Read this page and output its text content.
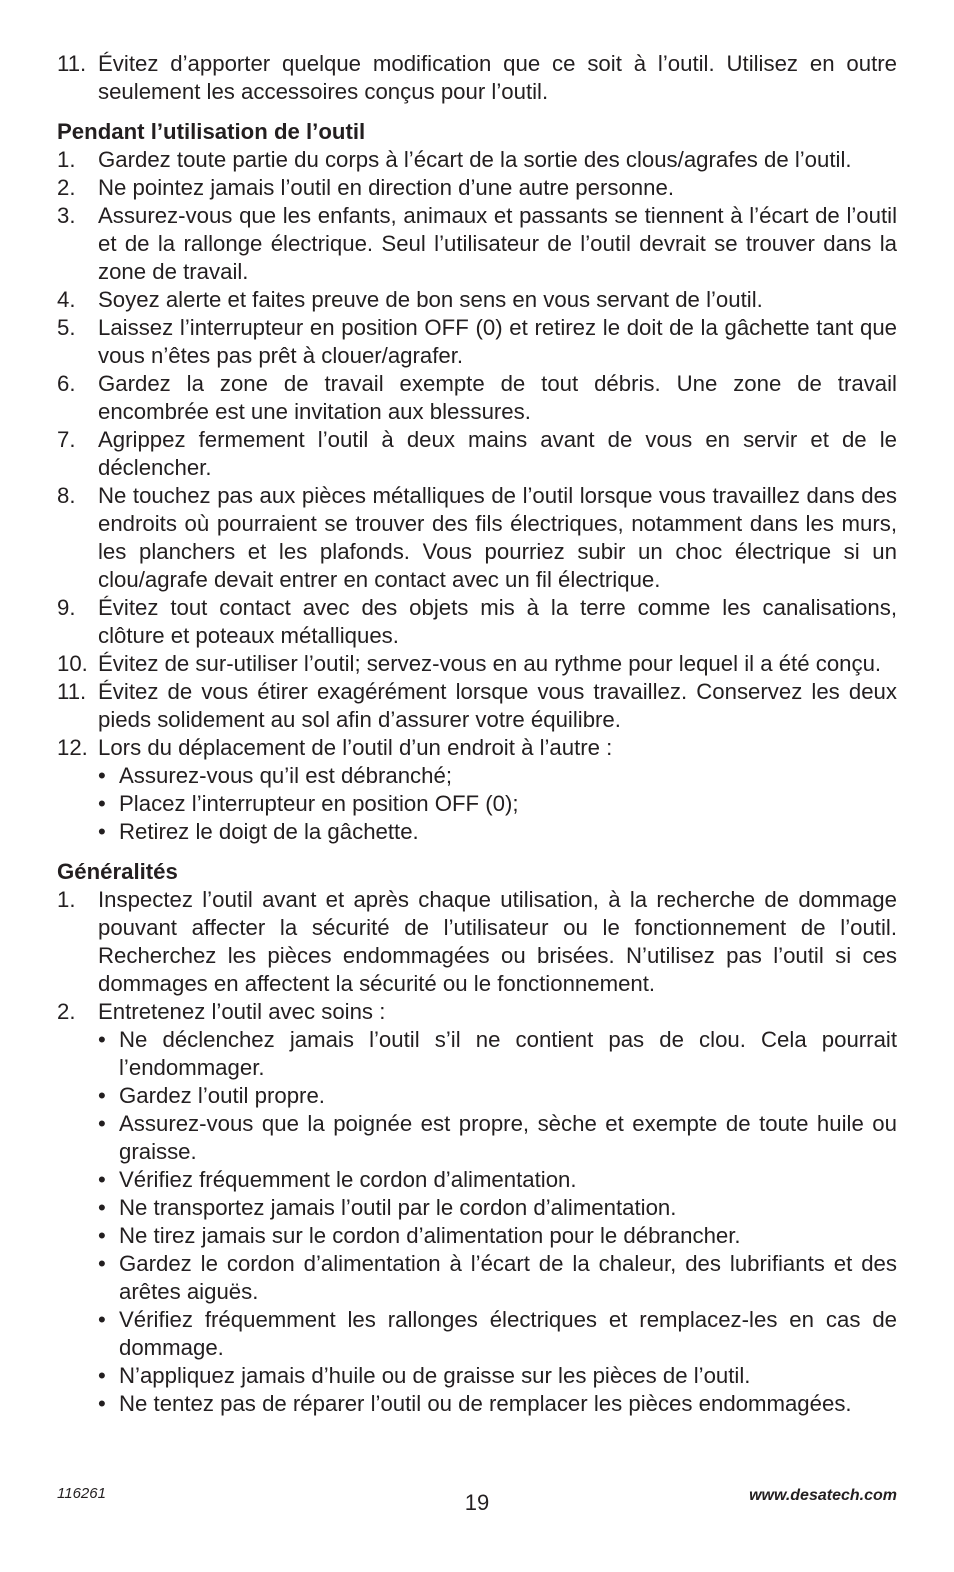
11. Évitez d’apporter quelque modification que ce soit à l’outil. Utilisez en outre seulement les accessoires conçus pour l’outil.
Pendant l’utilisation de l’outil
1.	Gardez toute partie du corps à l’écart de la sortie des clous/agrafes de l’outil.
2.	Ne pointez jamais l’outil en direction d’une autre personne.
3.	Assurez-vous que les enfants, animaux et passants se tiennent à l’écart de l’outil et de la rallonge électrique. Seul l’utilisateur de l’outil devrait se trouver dans la zone de travail.
4.	Soyez alerte et faites preuve de bon sens en vous servant de l’outil.
5.	Laissez l’interrupteur en position OFF (0) et retirez le doit de la gâchette tant que vous n’êtes pas prêt à clouer/agrafer.
6.	Gardez la zone de travail exempte de tout débris. Une zone de travail encombrée est une invitation aux blessures.
7.	Agrippez fermement l’outil à deux mains avant de vous en servir et de le déclencher.
8.	Ne touchez pas aux pièces métalliques de l’outil lorsque vous travaillez dans des endroits où pourraient se trouver des fils électriques, notamment dans les murs, les planchers et les plafonds. Vous pourriez subir un choc électrique si un clou/agrafe devait entrer en contact avec un fil électrique.
9.	Évitez tout contact avec des objets mis à la terre comme les canalisations, clôture et poteaux métalliques.
10. Évitez de sur-utiliser l’outil; servez-vous en au rythme pour lequel il a été conçu.
11. Évitez de vous étirer exagérément lorsque vous travaillez. Conservez les deux pieds solidement au sol afin d’assurer votre équilibre.
12. Lors du déplacement de l’outil d’un endroit à l’autre :
• Assurez-vous qu’il est débranché;
• Placez l’interrupteur en position OFF (0);
• Retirez le doigt de la gâchette.
Généralités
1.	Inspectez l’outil avant et après chaque utilisation, à la recherche de dommage pouvant affecter la sécurité de l’utilisateur ou le fonctionnement de l’outil. Recherchez les pièces endommagées ou brisées. N’utilisez pas l’outil si ces dommages en affectent la sécurité ou le fonctionnement.
2.	Entretenez l’outil avec soins :
• Ne déclenchez jamais l’outil s’il ne contient pas de clou. Cela pourrait l’endommager.
• Gardez l’outil propre.
• Assurez-vous que la poignée est propre, sèche et exempte de toute huile ou graisse.
• Vérifiez fréquemment le cordon d’alimentation.
• Ne transportez jamais l’outil par le cordon d’alimentation.
• Ne tirez jamais sur le cordon d’alimentation pour le débrancher.
• Gardez le cordon d’alimentation à l’écart de la chaleur, des lubrifiants et des arêtes aiguës.
• Vérifiez fréquemment les rallonges électriques et remplacez-les en cas de dommage.
• N’appliquez jamais d’huile ou de graisse sur les pièces de l’outil.
• Ne tentez pas de réparer l’outil ou de remplacer les pièces endommagées.
116261	19	www.desatech.com
